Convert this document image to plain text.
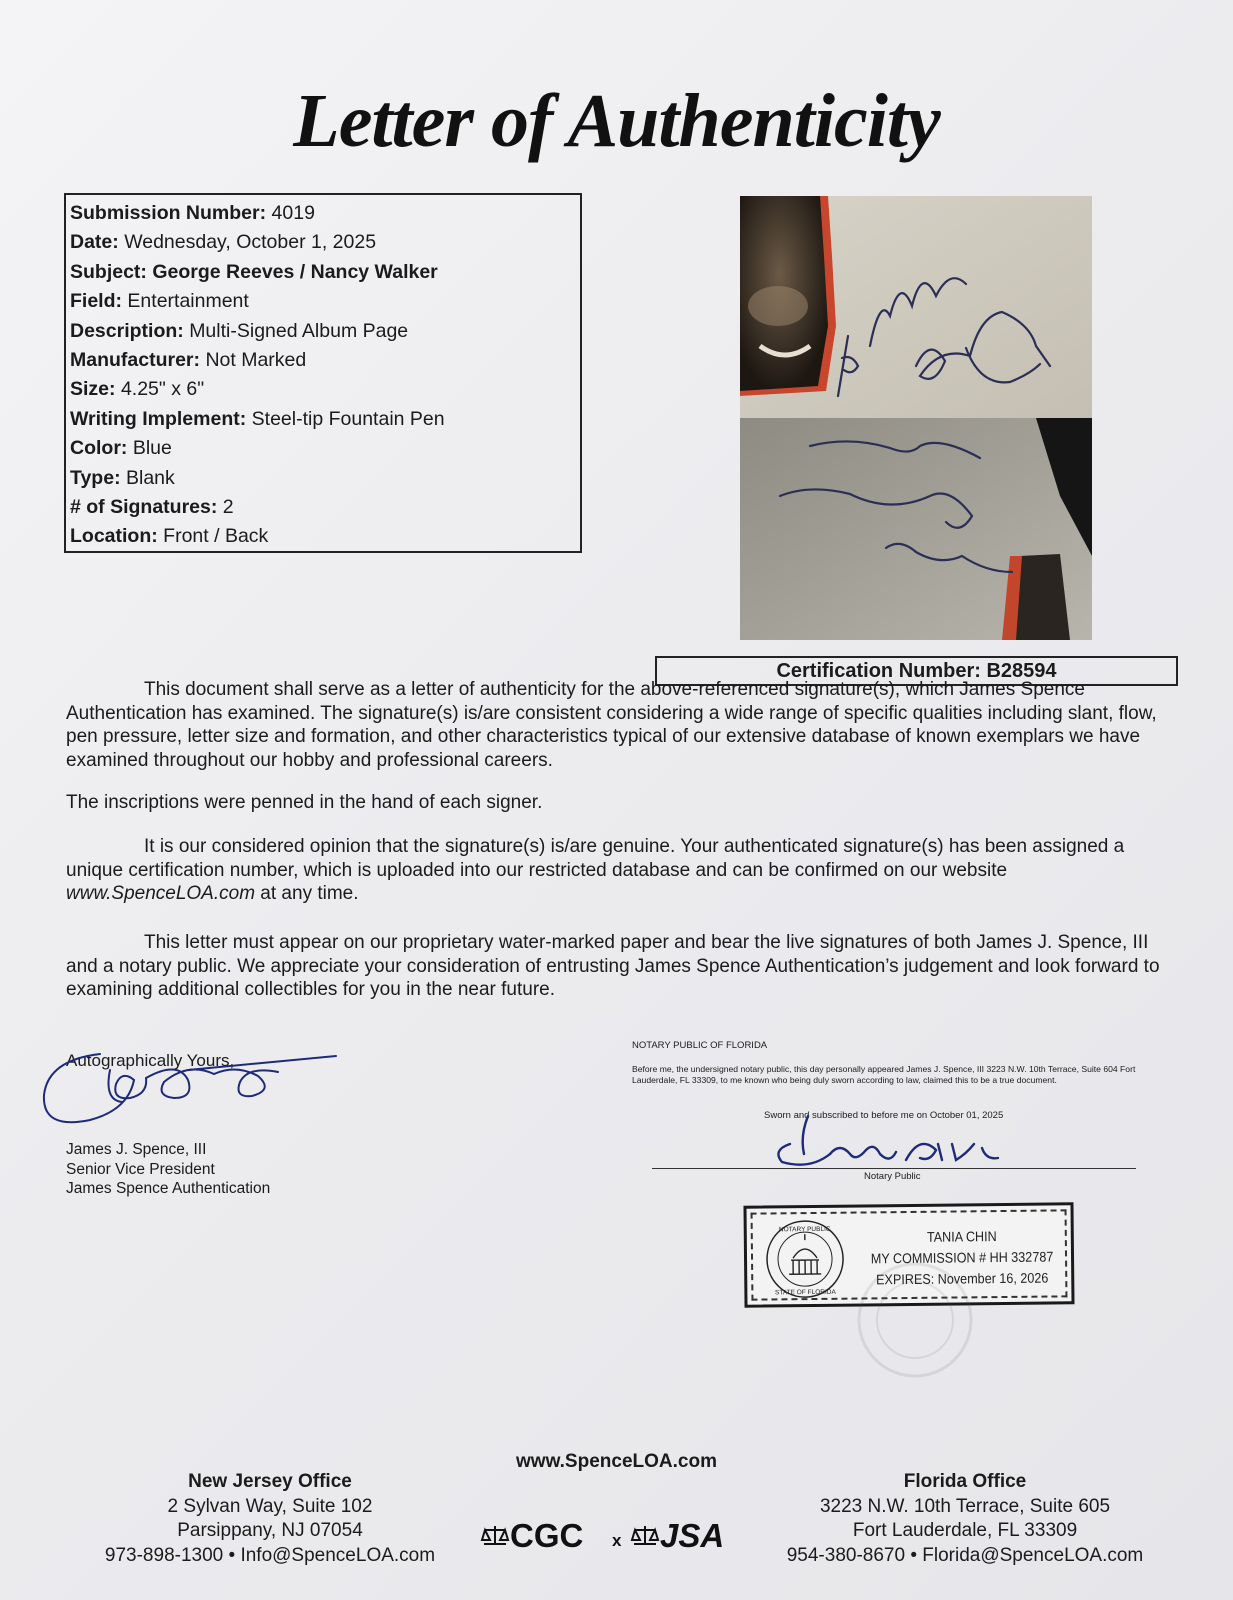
Letter of Authenticity
Submission Number: 4019
Date: Wednesday, October 1, 2025
Subject: George Reeves / Nancy Walker
Field: Entertainment
Description: Multi-Signed Album Page
Manufacturer: Not Marked
Size: 4.25" x 6"
Writing Implement: Steel-tip Fountain Pen
Color: Blue
Type: Blank
# of Signatures: 2
Location: Front / Back
Certification Number: B28594
This document shall serve as a letter of authenticity for the above-referenced signature(s), which James Spence Authentication has examined. The signature(s) is/are consistent considering a wide range of specific qualities including slant, flow, pen pressure, letter size and formation, and other characteristics typical of our extensive database of known exemplars we have examined throughout our hobby and professional careers.
The inscriptions were penned in the hand of each signer.
It is our considered opinion that the signature(s) is/are genuine. Your authenticated signature(s) has been assigned a unique certification number, which is uploaded into our restricted database and can be confirmed on our website www.SpenceLOA.com at any time.
This letter must appear on our proprietary water-marked paper and bear the live signatures of both James J. Spence, III and a notary public. We appreciate your consideration of entrusting James Spence Authentication’s judgement and look forward to examining additional collectibles for you in the near future.
Autographically Yours,
James J. Spence, III
Senior Vice President
James Spence Authentication
NOTARY PUBLIC OF FLORIDA
Before me, the undersigned notary public, this day personally appeared James J. Spence, III 3223 N.W. 10th Terrace, Suite 604 Fort Lauderdale, FL 33309, to me known who being duly sworn according to law, claimed this to be a true document.
Sworn and subscribed to before me on October 01, 2025
Notary Public
NOTARY PUBLIC
STATE OF FLORIDA
TANIA CHIN
MY COMMISSION # HH 332787
EXPIRES: November 16, 2026
www.SpenceLOA.com
New Jersey Office
2 Sylvan Way, Suite 102
Parsippany, NJ 07054
973-898-1300 • Info@SpenceLOA.com
Florida Office
3223 N.W. 10th Terrace, Suite 605
Fort Lauderdale, FL 33309
954-380-8670 • Florida@SpenceLOA.com
CGC x JSA
